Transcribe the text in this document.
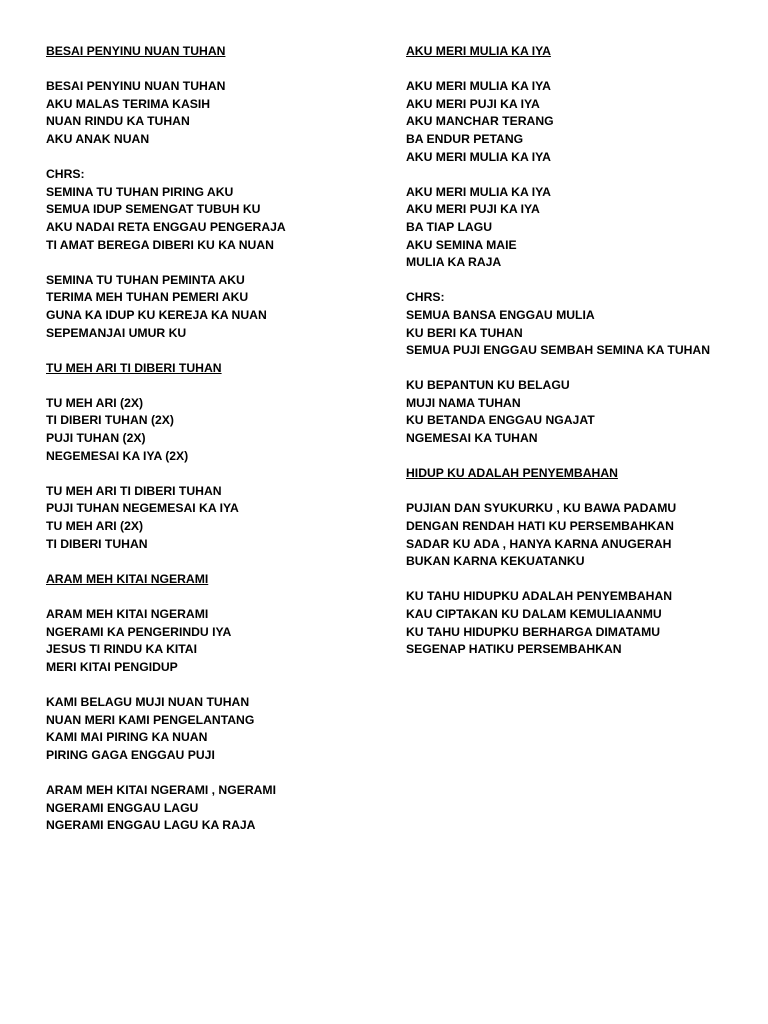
BESAI PENYINU NUAN TUHAN
BESAI PENYINU NUAN TUHAN
AKU MALAS TERIMA KASIH
NUAN RINDU KA TUHAN
AKU ANAK NUAN
CHRS:
SEMINA TU TUHAN PIRING AKU
SEMUA IDUP SEMENGAT TUBUH KU
AKU NADAI RETA ENGGAU PENGERAJA
TI AMAT BEREGA DIBERI KU KA NUAN
SEMINA TU TUHAN PEMINTA AKU
TERIMA MEH TUHAN PEMERI AKU
GUNA KA IDUP KU KEREJA KA NUAN
SEPEMANJAI UMUR KU
TU MEH ARI TI DIBERI TUHAN
TU MEH ARI (2X)
TI DIBERI TUHAN (2X)
PUJI TUHAN (2X)
NEGEMESAI KA IYA (2X)
TU MEH ARI TI DIBERI TUHAN
PUJI TUHAN NEGEMESAI KA IYA
TU MEH ARI (2X)
TI DIBERI TUHAN
ARAM MEH KITAI NGERAMI
ARAM MEH KITAI NGERAMI
NGERAMI KA PENGERINDU IYA
JESUS TI RINDU KA KITAI
MERI KITAI PENGIDUP
KAMI BELAGU MUJI NUAN TUHAN
NUAN MERI KAMI PENGELANTANG
KAMI MAI PIRING KA NUAN
PIRING GAGA ENGGAU PUJI
ARAM MEH KITAI NGERAMI , NGERAMI
NGERAMI ENGGAU LAGU
NGERAMI ENGGAU LAGU KA RAJA
AKU MERI MULIA KA IYA
AKU MERI MULIA KA IYA
AKU MERI PUJI KA IYA
AKU MANCHAR TERANG
BA ENDUR PETANG
AKU MERI MULIA KA IYA
AKU MERI MULIA KA IYA
AKU MERI PUJI KA IYA
BA TIAP LAGU
AKU SEMINA MAIE
MULIA KA RAJA
CHRS:
SEMUA BANSA ENGGAU MULIA
KU BERI KA TUHAN
SEMUA PUJI ENGGAU SEMBAH SEMINA KA TUHAN
KU BEPANTUN KU BELAGU
MUJI NAMA TUHAN
KU BETANDA ENGGAU NGAJAT
NGEMESAI KA TUHAN
HIDUP KU ADALAH PENYEMBAHAN
PUJIAN DAN SYUKURKU , KU BAWA PADAMU
DENGAN RENDAH HATI KU PERSEMBAHKAN
SADAR KU ADA , HANYA KARNA ANUGERAH
BUKAN KARNA KEKUATANKU
KU TAHU HIDUPKU ADALAH PENYEMBAHAN
KAU CIPTAKAN KU DALAM KEMULIAANMU
KU TAHU HIDUPKU BERHARGA DIMATAMU
SEGENAP HATIKU PERSEMBAHKAN
